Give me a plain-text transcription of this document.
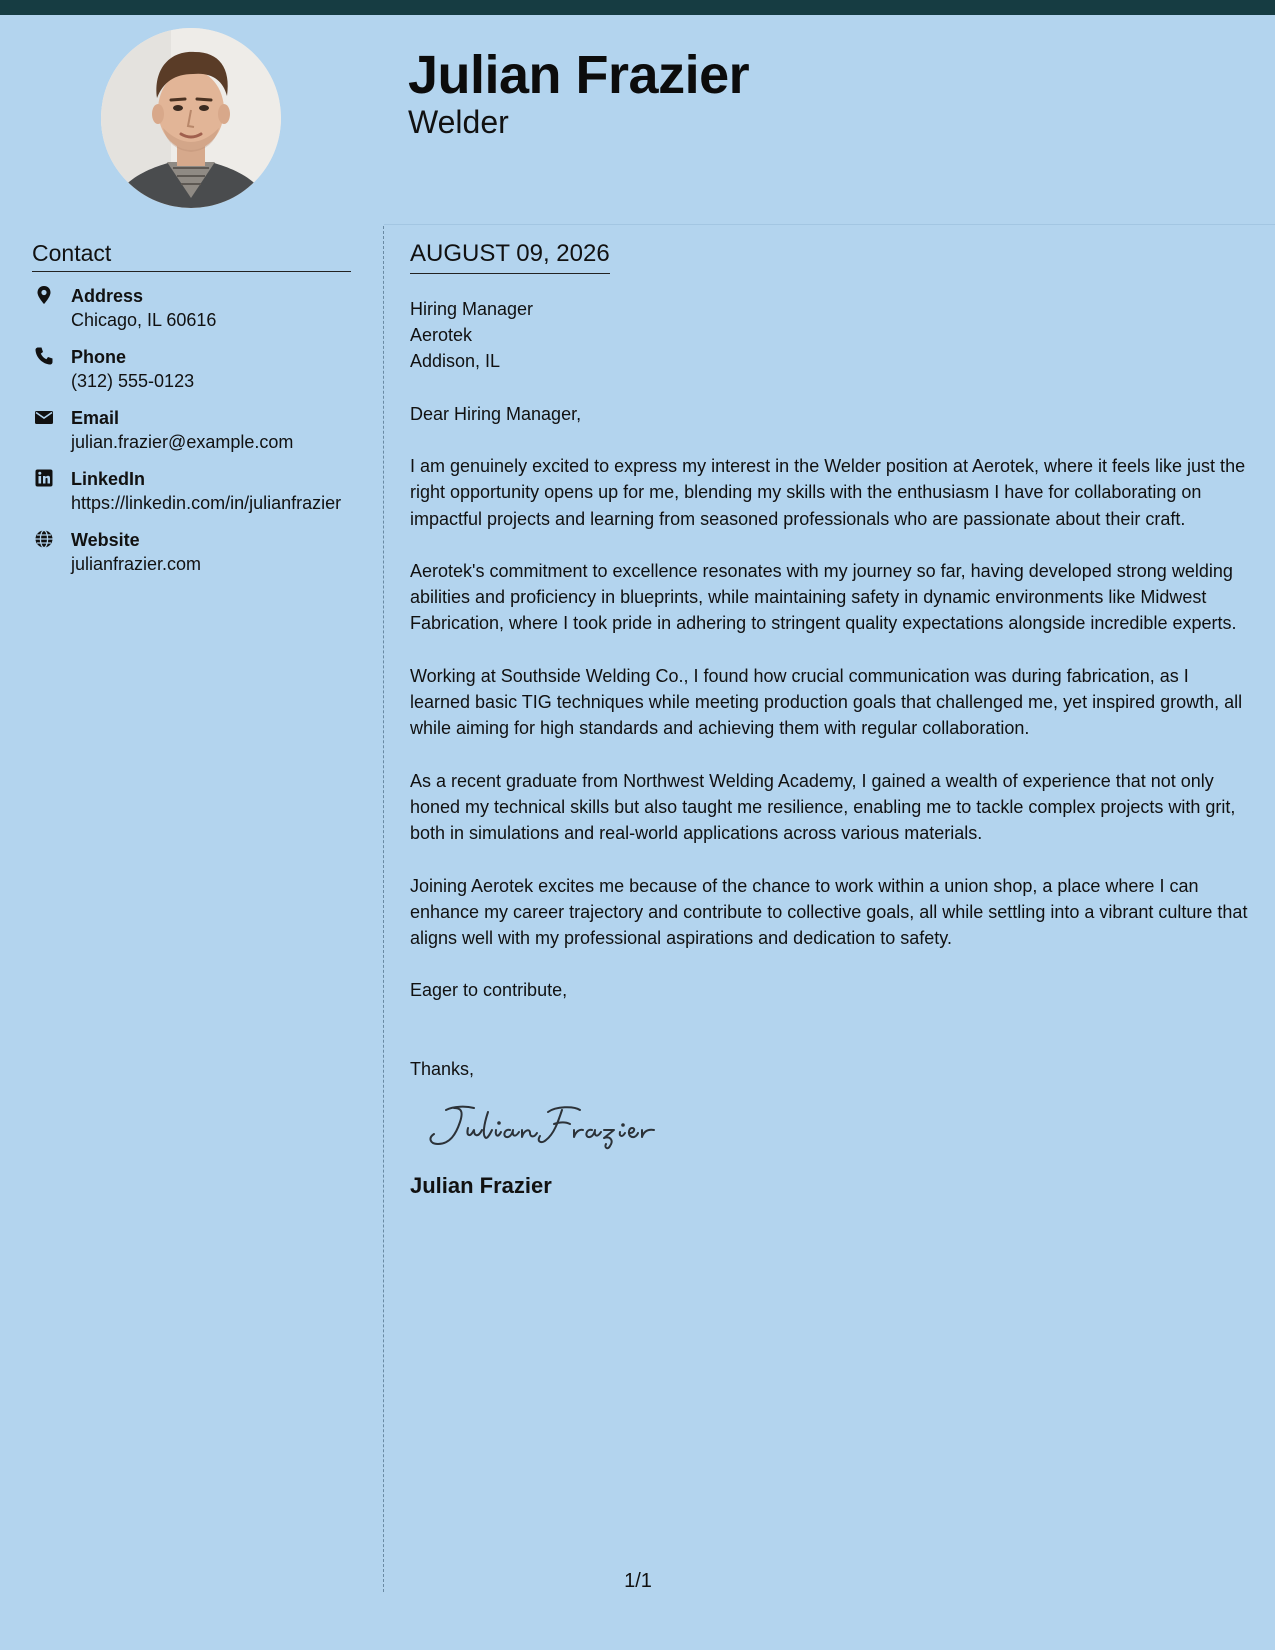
Julian Frazier
Welder
Contact
Address
Chicago, IL 60616
Phone
(312) 555-0123
Email
julian.frazier@example.com
LinkedIn
https://linkedin.com/in/julianfrazier
Website
julianfrazier.com
AUGUST 09, 2026

Hiring Manager

Aerotek

Addison, IL

Dear Hiring Manager,

I am genuinely excited to express my interest in the Welder position at Aerotek, where it feels like just the right opportunity opens up for me, blending my skills with the enthusiasm I have for collaborating on impactful projects and learning from seasoned professionals who are passionate about their craft.

Aerotek's commitment to excellence resonates with my journey so far, having developed strong welding abilities and proficiency in blueprints, while maintaining safety in dynamic environments like Midwest Fabrication, where I took pride in adhering to stringent quality expectations alongside incredible experts.

Working at Southside Welding Co., I found how crucial communication was during fabrication, as I learned basic TIG techniques while meeting production goals that challenged me, yet inspired growth, all while aiming for high standards and achieving them with regular collaboration.

As a recent graduate from Northwest Welding Academy, I gained a wealth of experience that not only honed my technical skills but also taught me resilience, enabling me to tackle complex projects with grit, both in simulations and real-world applications across various materials.

Joining Aerotek excites me because of the chance to work within a union shop, a place where I can enhance my career trajectory and contribute to collective goals, all while settling into a vibrant culture that aligns well with my professional aspirations and dedication to safety.

Eager to contribute,

Thanks,

Julian Frazier
1/1
